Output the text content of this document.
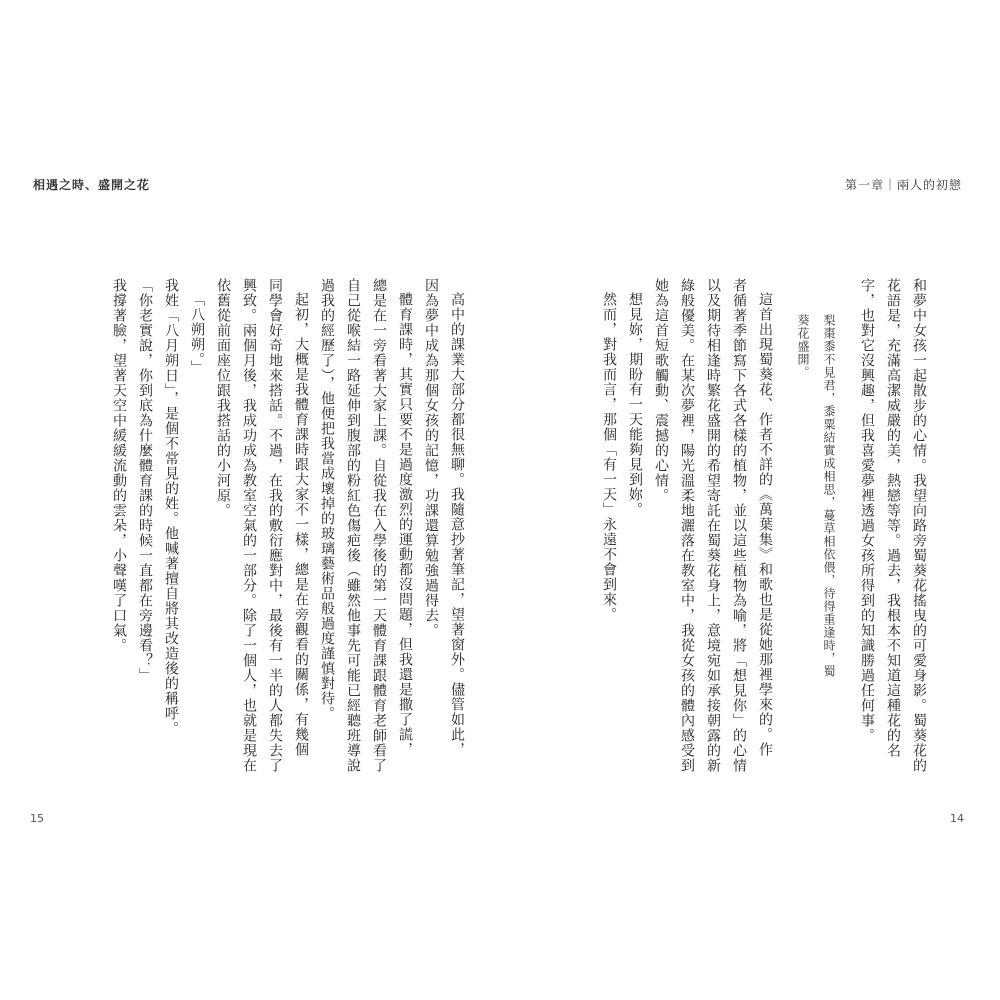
相遇之時、盛開之花	第一章｜兩人的初戀

和夢中女孩一起散步的心情。我望向路旁蜀葵花搖曳的可愛身影。蜀葵花的

花語是，充滿高潔威嚴的美，熱戀等等。過去，我根本不知道這種花的名

字，也對它沒興趣，但我喜愛夢裡透過女孩所得到的知識勝過任何事。

梨棗黍不見君，黍粟結實成相思，蔓草相依偎，待得重逢時，蜀

葵花盛開。

這首出現蜀葵花、作者不詳的《萬葉集》和歌也是從她那裡學來的。作

者循著季節寫下各式各樣的植物，並以這些植物為喻，將「想見你」的心情

以及期待相逢時繁花盛開的希望寄託在蜀葵花身上，意境宛如承接朝露的新

綠般優美。在某次夢裡，陽光溫柔地灑落在教室中，我從女孩的體內感受到

她為這首短歌觸動、震撼的心情。

想見妳，期盼有一天能夠見到妳。

然而，對我而言，那個「有一天」永遠不會到來。

高中的課業大部分都很無聊。我隨意抄著筆記，望著窗外。儘管如此，

因為夢中成為那個女孩的記憶，功課還算勉強過得去。

體育課時，其實只要不是過度激烈的運動都沒問題，但我還是撒了謊，

總是在一旁看著大家上課。自從我在入學後的第一天體育課跟體育老師看了

自己從喉結一路延伸到腹部的粉紅色傷疤後（雖然他事先可能已經聽班導說

過我的經歷了），他便把我當成壞掉的玻璃藝術品般過度謹慎對待。

起初，大概是我體育課時跟大家不一樣，總是在旁觀看的關係，有幾個

同學會好奇地來搭話。不過，在我的敷衍應對中，最後有一半的人都失去了

興致。兩個月後，我成功成為教室空氣的一部分。除了一個人，也就是現在

依舊從前面座位跟我搭話的小河原。

「八朔朔。」

我姓「八月朔日」，是個不常見的姓。他喊著擅自將其改造後的稱呼。

「你老實說，你到底為什麼體育課的時候一直都在旁邊看？」

我撐著臉，望著天空中緩緩流動的雲朵，小聲嘆了口氣。

15	14
